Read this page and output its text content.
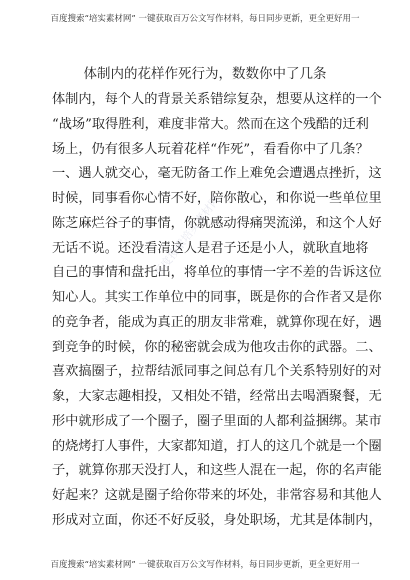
百度搜索“培实素材网” 一键获取百万公文写作材料，每日同步更新，更全更好用一
体制内的花样作死行为，数数你中了几条
体制内，每个人的背景关系错综复杂，想要从这样的一个
“战场”取得胜利，难度非常大。然而在这个残酷的迁利
场上，仍有很多人玩着花样“作死”，看看你中了几条？
一、遇人就交心，毫无防备工作上难免会遭遇点挫折，这
时候，同事看你心情不好，陪你散心，和你说一些单位里
陈芝麻烂谷子的事情，你就感动得痛哭流涕，和这个人好
无话不说。还没看清这人是君子还是小人，就耿直地将
自己的事情和盘托出，将单位的事情一字不差的告诉这位
知心人。其实工作单位中的同事，既是你的合作者又是你
的竞争者，能成为真正的朋友非常难，就算你现在好，遇
到竞争的时候，你的秘密就会成为他攻击你的武器。二、
喜欢搞圈子，拉帮结派同事之间总有几个关系特别好的对
象，大家志趣相投，又相处不错，经常出去喝酒聚餐，无
形中就形成了一个圈子，圈子里面的人都利益捆绑。某市
的烧烤打人事件，大家都知道，打人的这几个就是一个圈
子，就算你那天没打人，和这些人混在一起，你的名声能
好起来？这就是圈子给你带来的坏处，非常容易和其他人
形成对立面，你还不好反驳，身处职场，尤其是体制内，
百度搜索培实素材网
百度搜索“培实素材网” 一键获取百万公文写作材料，每日同步更新，更全更好用一
